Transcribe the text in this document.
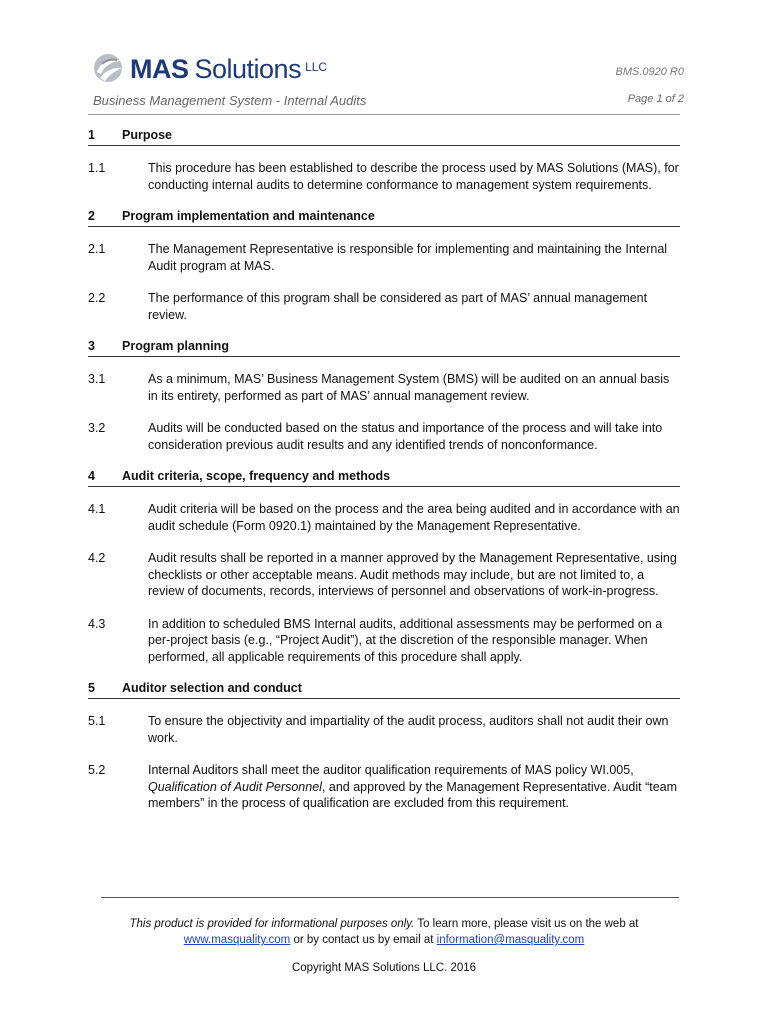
MAS Solutions $^{LLC}$	BMS.0920 R0
Business Management System - Internal Audits	Page 1 of 2
1	Purpose
1.1	This procedure has been established to describe the process used by MAS Solutions (MAS), for conducting internal audits to determine conformance to management system requirements.
2	Program implementation and maintenance
2.1	The Management Representative is responsible for implementing and maintaining the Internal Audit program at MAS.
2.2	The performance of this program shall be considered as part of MAS’ annual management review.
3	Program planning
3.1	As a minimum, MAS’ Business Management System (BMS) will be audited on an annual basis in its entirety, performed as part of MAS’ annual management review.
3.2	Audits will be conducted based on the status and importance of the process and will take into consideration previous audit results and any identified trends of nonconformance.
4	Audit criteria, scope, frequency and methods
4.1	Audit criteria will be based on the process and the area being audited and in accordance with an audit schedule (Form 0920.1) maintained by the Management Representative.
4.2	Audit results shall be reported in a manner approved by the Management Representative, using checklists or other acceptable means. Audit methods may include, but are not limited to, a review of documents, records, interviews of personnel and observations of work-in-progress.
4.3	In addition to scheduled BMS Internal audits, additional assessments may be performed on a per-project basis (e.g., “Project Audit”), at the discretion of the responsible manager. When performed, all applicable requirements of this procedure shall apply.
5	Auditor selection and conduct
5.1	To ensure the objectivity and impartiality of the audit process, auditors shall not audit their own work.
5.2	Internal Auditors shall meet the auditor qualification requirements of MAS policy WI.005, Qualification of Audit Personnel, and approved by the Management Representative. Audit “team members” in the process of qualification are excluded from this requirement.
This product is provided for informational purposes only. To learn more, please visit us on the web at
www.masquality.com or by contact us by email at information@masquality.com
Copyright MAS Solutions LLC. 2016
